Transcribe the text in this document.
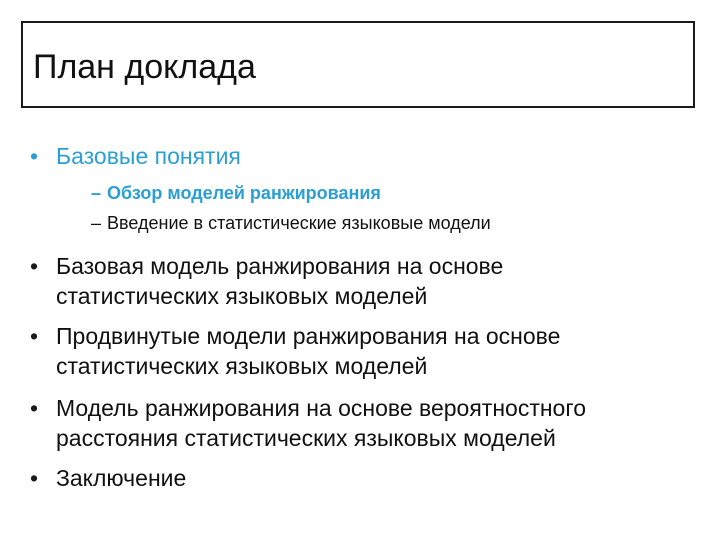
План доклада
• Базовые понятия
– Обзор моделей ранжирования
– Введение в статистические языковые модели
• Базовая модель ранжирования на основе
статистических языковых моделей
• Продвинутые модели ранжирования на основе
статистических языковых моделей
• Модель ранжирования на основе вероятностного
расстояния статистических языковых моделей
• Заключение
